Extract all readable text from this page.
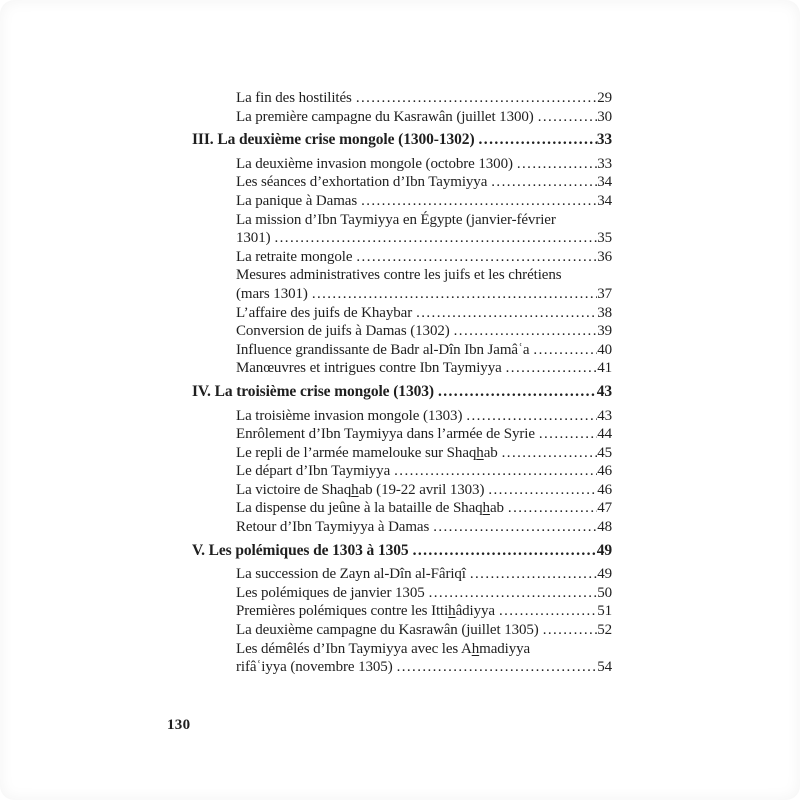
La fin des hostilités .....	29
La première campagne du Kasrawân (juillet 1300) .....	30
III. La deuxième crise mongole (1300-1302) .....	33
La deuxième invasion mongole (octobre 1300) .....	33
Les séances d’exhortation d’Ibn Taymiyya .....	34
La panique à Damas .....	34
La mission d’Ibn Taymiyya en Égypte (janvier-février
1301) .....	35
La retraite mongole .....	36
Mesures administratives contre les juifs et les chrétiens
(mars 1301) .....	37
L’affaire des juifs de Khaybar .....	38
Conversion de juifs à Damas (1302) .....	39
Influence grandissante de Badr al-Dîn Ibn Jamâʿa .....	40
Manœuvres et intrigues contre Ibn Taymiyya .....	41
IV. La troisième crise mongole (1303) .....	43
La troisième invasion mongole (1303) .....	43
Enrôlement d’Ibn Taymiyya dans l’armée de Syrie .....	44
Le repli de l’armée mamelouke sur Shaqhab .....	45
Le départ d’Ibn Taymiyya .....	46
La victoire de Shaqhab (19-22 avril 1303) .....	46
La dispense du jeûne à la bataille de Shaqhab .....	47
Retour d’Ibn Taymiyya à Damas .....	48
V. Les polémiques de 1303 à 1305 .....	49
La succession de Zayn al-Dîn al-Fâriqî .....	49
Les polémiques de janvier 1305 .....	50
Premières polémiques contre les Ittihâdiyya .....	51
La deuxième campagne du Kasrawân (juillet 1305) .....	52
Les démêlés d’Ibn Taymiyya avec les Ahmadiyya
rifâʿiyya (novembre 1305) .....	54
130
